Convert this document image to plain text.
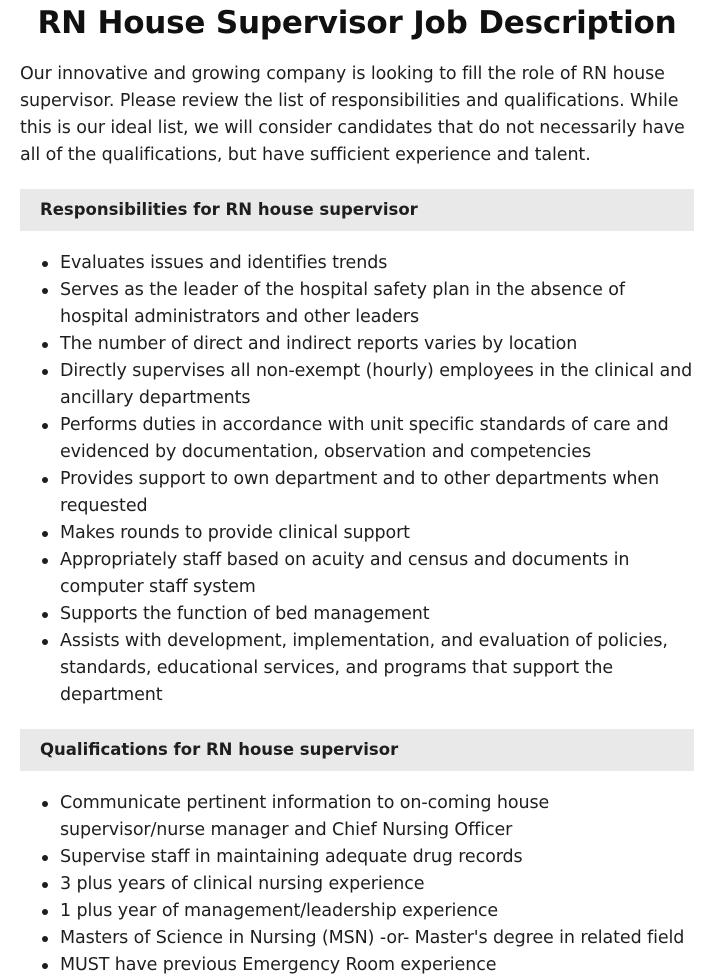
RN House Supervisor Job Description

Our innovative and growing company is looking to fill the role of RN house supervisor. Please review the list of responsibilities and qualifications. While this is our ideal list, we will consider candidates that do not necessarily have all of the qualifications, but have sufficient experience and talent.

Responsibilities for RN house supervisor
Evaluates issues and identifies trends
Serves as the leader of the hospital safety plan in the absence of hospital administrators and other leaders
The number of direct and indirect reports varies by location
Directly supervises all non-exempt (hourly) employees in the clinical and ancillary departments
Performs duties in accordance with unit specific standards of care and evidenced by documentation, observation and competencies
Provides support to own department and to other departments when requested
Makes rounds to provide clinical support
Appropriately staff based on acuity and census and documents in computer staff system
Supports the function of bed management
Assists with development, implementation, and evaluation of policies, standards, educational services, and programs that support the department
Qualifications for RN house supervisor
Communicate pertinent information to on-coming house supervisor/nurse manager and Chief Nursing Officer
Supervise staff in maintaining adequate drug records
3 plus years of clinical nursing experience
1 plus year of management/leadership experience
Masters of Science in Nursing (MSN) -or- Master's degree in related field
MUST have previous Emergency Room experience
